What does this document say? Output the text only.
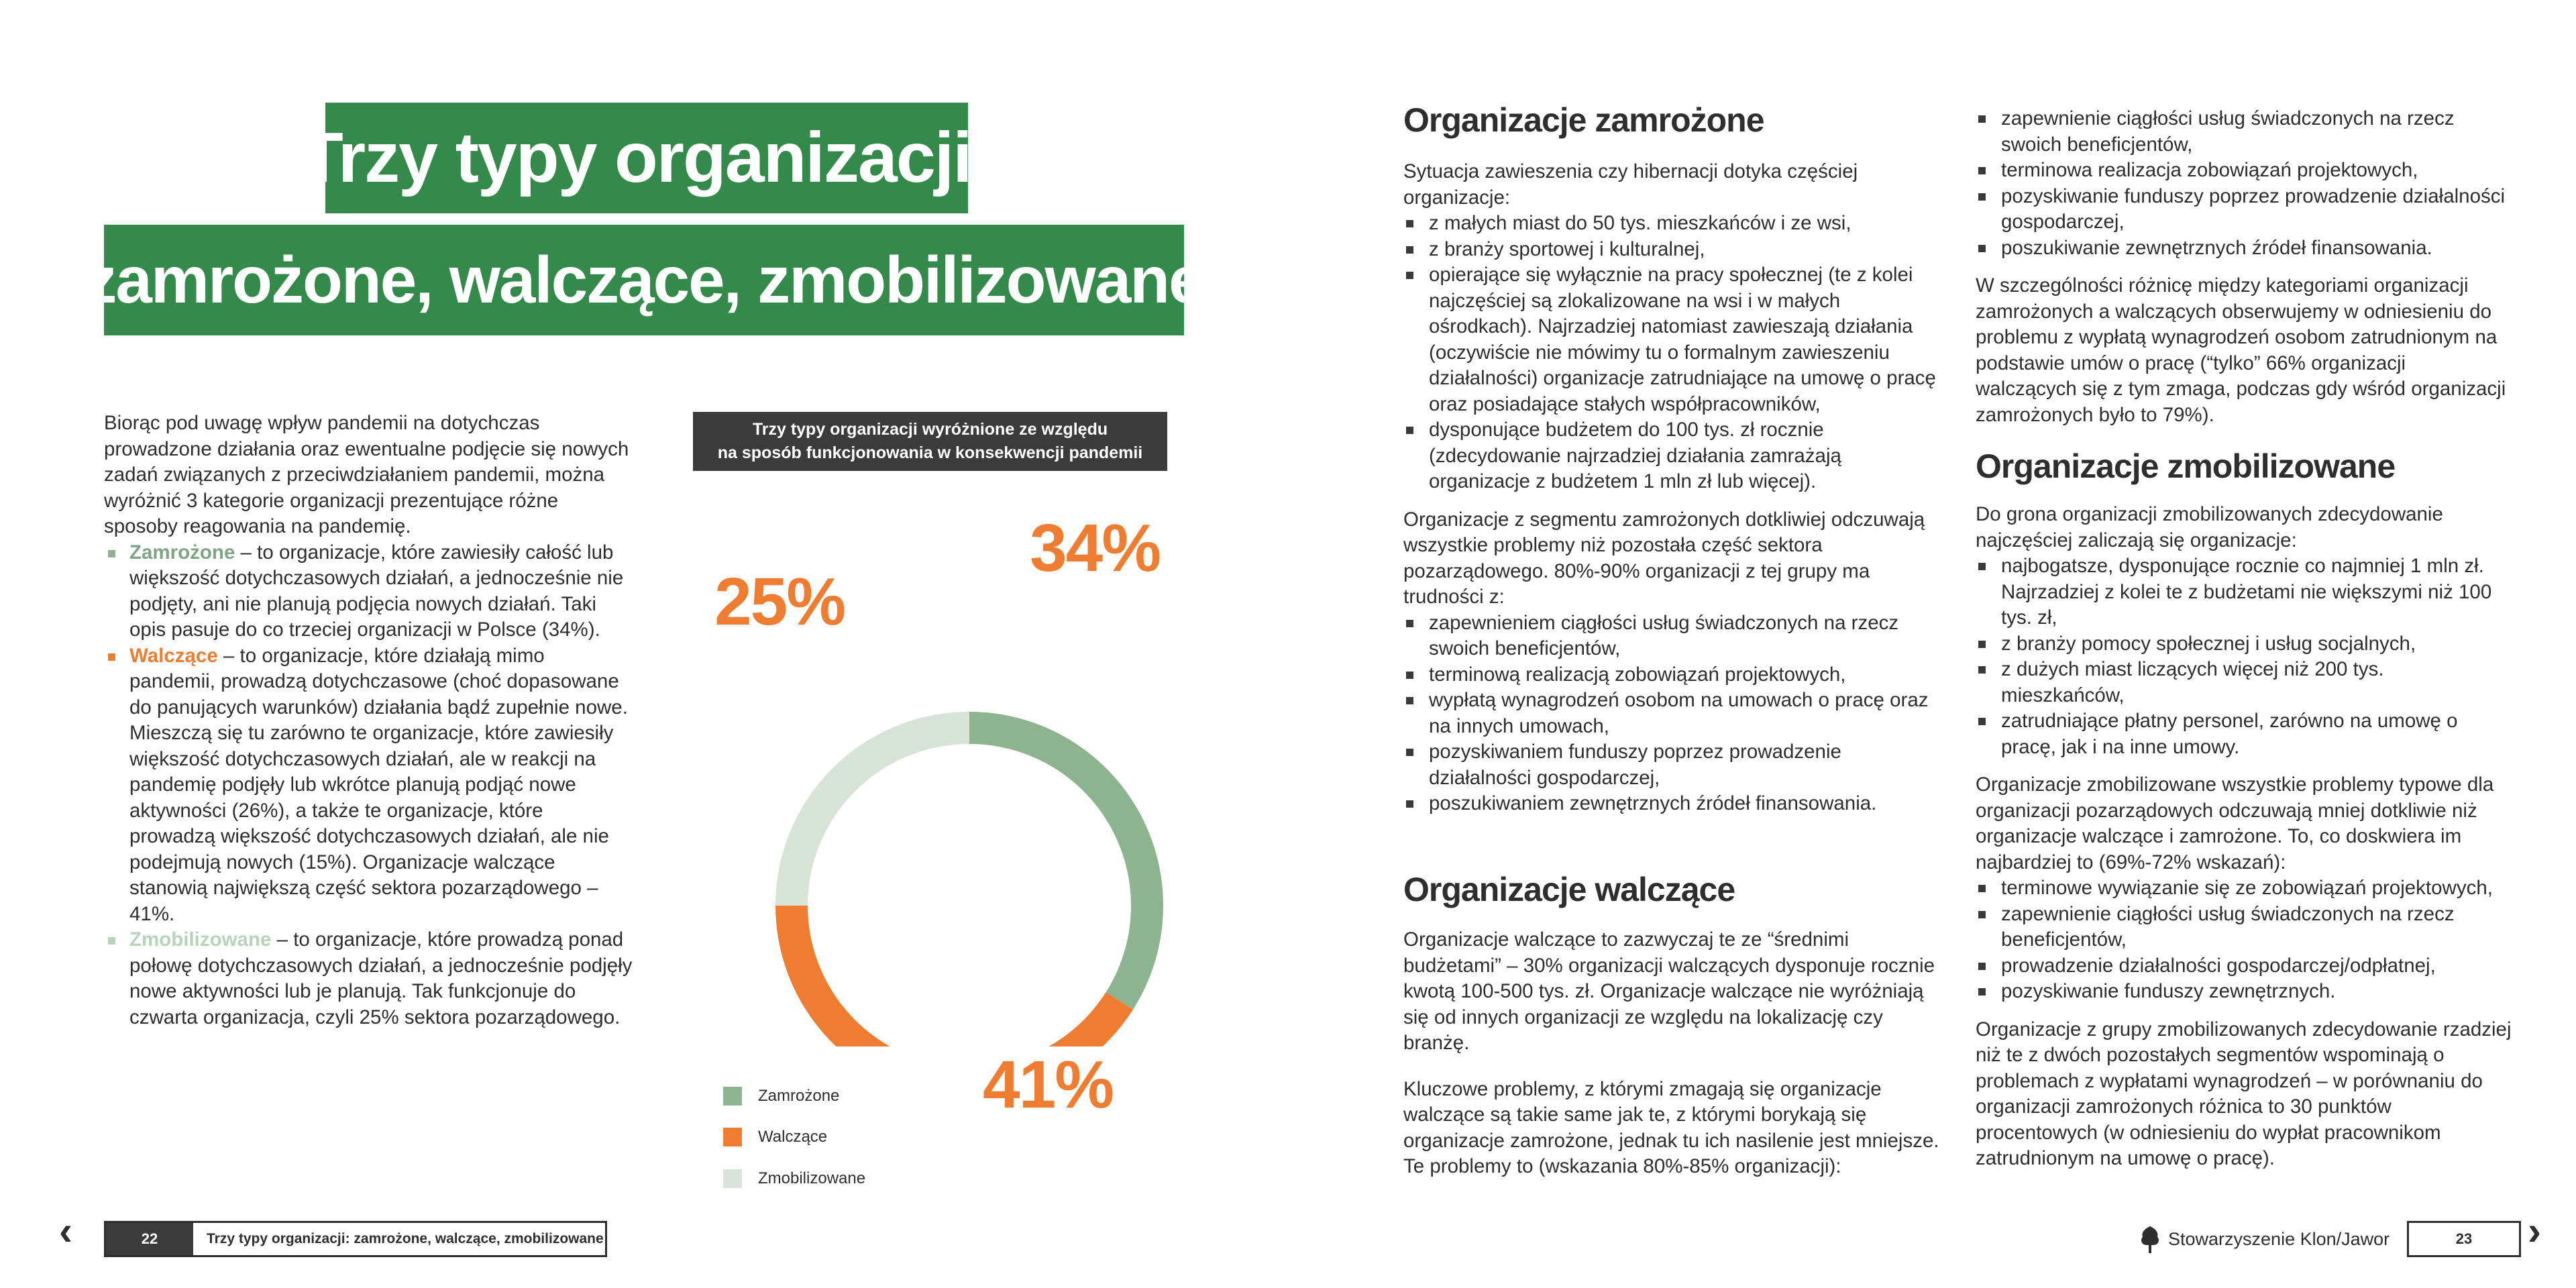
Trzy typy organizacji:
zamrożone, walczące, zmobilizowane

Biorąc pod uwagę wpływ pandemii na dotychczas prowadzone działania oraz ewentualne podjęcie się nowych zadań związanych z przeciwdziałaniem pandemii, można wyróżnić 3 kategorie organizacji prezentujące różne sposoby reagowania na pandemię.

Zamrożone – to organizacje, które zawiesiły całość lub większość dotychczasowych działań, a jednocześnie nie podjęty, ani nie planują podjęcia nowych działań. Taki opis pasuje do co trzeciej organizacji w Polsce (34%).
Walczące – to organizacje, które działają mimo pandemii, prowadzą dotychczasowe (choć dopasowane do panujących warunków) działania bądź zupełnie nowe. Mieszczą się tu zarówno te organizacje, które zawiesiły większość dotychczasowych działań, ale w reakcji na pandemię podjęły lub wkrótce planują podjąć nowe aktywności (26%), a także te organizacje, które prowadzą większość dotychczasowych działań, ale nie podejmują nowych (15%). Organizacje walczące stanowią największą część sektora pozarządowego – 41%.
Zmobilizowane – to organizacje, które prowadzą ponad połowę dotychczasowych działań, a jednocześnie podjęły nowe aktywności lub je planują. Tak funkcjonuje do czwarta organizacja, czyli 25% sektora pozarządowego.
Trzy typy organizacji wyróżnione ze względu
na sposób funkcjonowania w konsekwencji pandemii
34%
41%
25%
Zamrożone
Walczące
Zmobilizowane
Organizacje zamrożone

Sytuacja zawieszenia czy hibernacji dotyka częściej organizacje:

z małych miast do 50 tys. mieszkańców i ze wsi,
z branży sportowej i kulturalnej,
opierające się wyłącznie na pracy społecznej (te z kolei najczęściej są zlokalizowane na wsi i w małych ośrodkach). Najrzadziej natomiast zawieszają działania (oczywiście nie mówimy tu o formalnym zawieszeniu działalności) organizacje zatrudniające na umowę o pracę oraz posiadające stałych współpracowników,
dysponujące budżetem do 100 tys. zł rocznie (zdecydowanie najrzadziej działania zamrażają organizacje z budżetem 1 mln zł lub więcej).

Organizacje z segmentu zamrożonych dotkliwiej odczuwają wszystkie problemy niż pozostała część sektora pozarządowego. 80%-90% organizacji z tej grupy ma trudności z:

zapewnieniem ciągłości usług świadczonych na rzecz swoich beneficjentów,
terminową realizacją zobowiązań projektowych,
wypłatą wynagrodzeń osobom na umowach o pracę oraz na innych umowach,
pozyskiwaniem funduszy poprzez prowadzenie działalności gospodarczej,
poszukiwaniem zewnętrznych źródeł finansowania.
Organizacje walczące

Organizacje walczące to zazwyczaj te ze “średnimi budżetami” – 30% organizacji walczących dysponuje rocznie kwotą 100-500 tys. zł. Organizacje walczące nie wyróżniają się od innych organizacji ze względu na lokalizację czy branżę.

Kluczowe problemy, z którymi zmagają się organizacje walczące są takie same jak te, z którymi borykają się organizacje zamrożone, jednak tu ich nasilenie jest mniejsze. Te problemy to (wskazania 80%-85% organizacji):

zapewnienie ciągłości usług świadczonych na rzecz swoich beneficjentów,
terminowa realizacja zobowiązań projektowych,
pozyskiwanie funduszy poprzez prowadzenie działalności gospodarczej,
poszukiwanie zewnętrznych źródeł finansowania.

W szczególności różnicę między kategoriami organizacji zamrożonych a walczących obserwujemy w odniesieniu do problemu z wypłatą wynagrodzeń osobom zatrudnionym na podstawie umów o pracę (“tylko” 66% organizacji walczących się z tym zmaga, podczas gdy wśród organizacji zamrożonych było to 79%).

Organizacje zmobilizowane

Do grona organizacji zmobilizowanych zdecydowanie najczęściej zaliczają się organizacje:

najbogatsze, dysponujące rocznie co najmniej 1 mln zł. Najrzadziej z kolei te z budżetami nie większymi niż 100 tys. zł,
z branży pomocy społecznej i usług socjalnych,
z dużych miast liczących więcej niż 200 tys. mieszkańców,
zatrudniające płatny personel, zarówno na umowę o pracę, jak i na inne umowy.

Organizacje zmobilizowane wszystkie problemy typowe dla organizacji pozarządowych odczuwają mniej dotkliwie niż organizacje walczące i zamrożone. To, co doskwiera im najbardziej to (69%-72% wskazań):

terminowe wywiązanie się ze zobowiązań projektowych,
zapewnienie ciągłości usług świadczonych na rzecz beneficjentów,
prowadzenie działalności gospodarczej/odpłatnej,
pozyskiwanie funduszy zewnętrznych.

Organizacje z grupy zmobilizowanych zdecydowanie rzadziej niż te z dwóch pozostałych segmentów wspominają o problemach z wypłatami wynagrodzeń – w porównaniu do organizacji zamrożonych różnica to 30 punktów procentowych (w odniesieniu do wypłat pracownikom zatrudnionym na umowę o pracę).

‹	22	Trzy typy organizacji: zamrożone, walczące, zmobilizowane	Stowarzyszenie Klon/Jawor	23 ›
